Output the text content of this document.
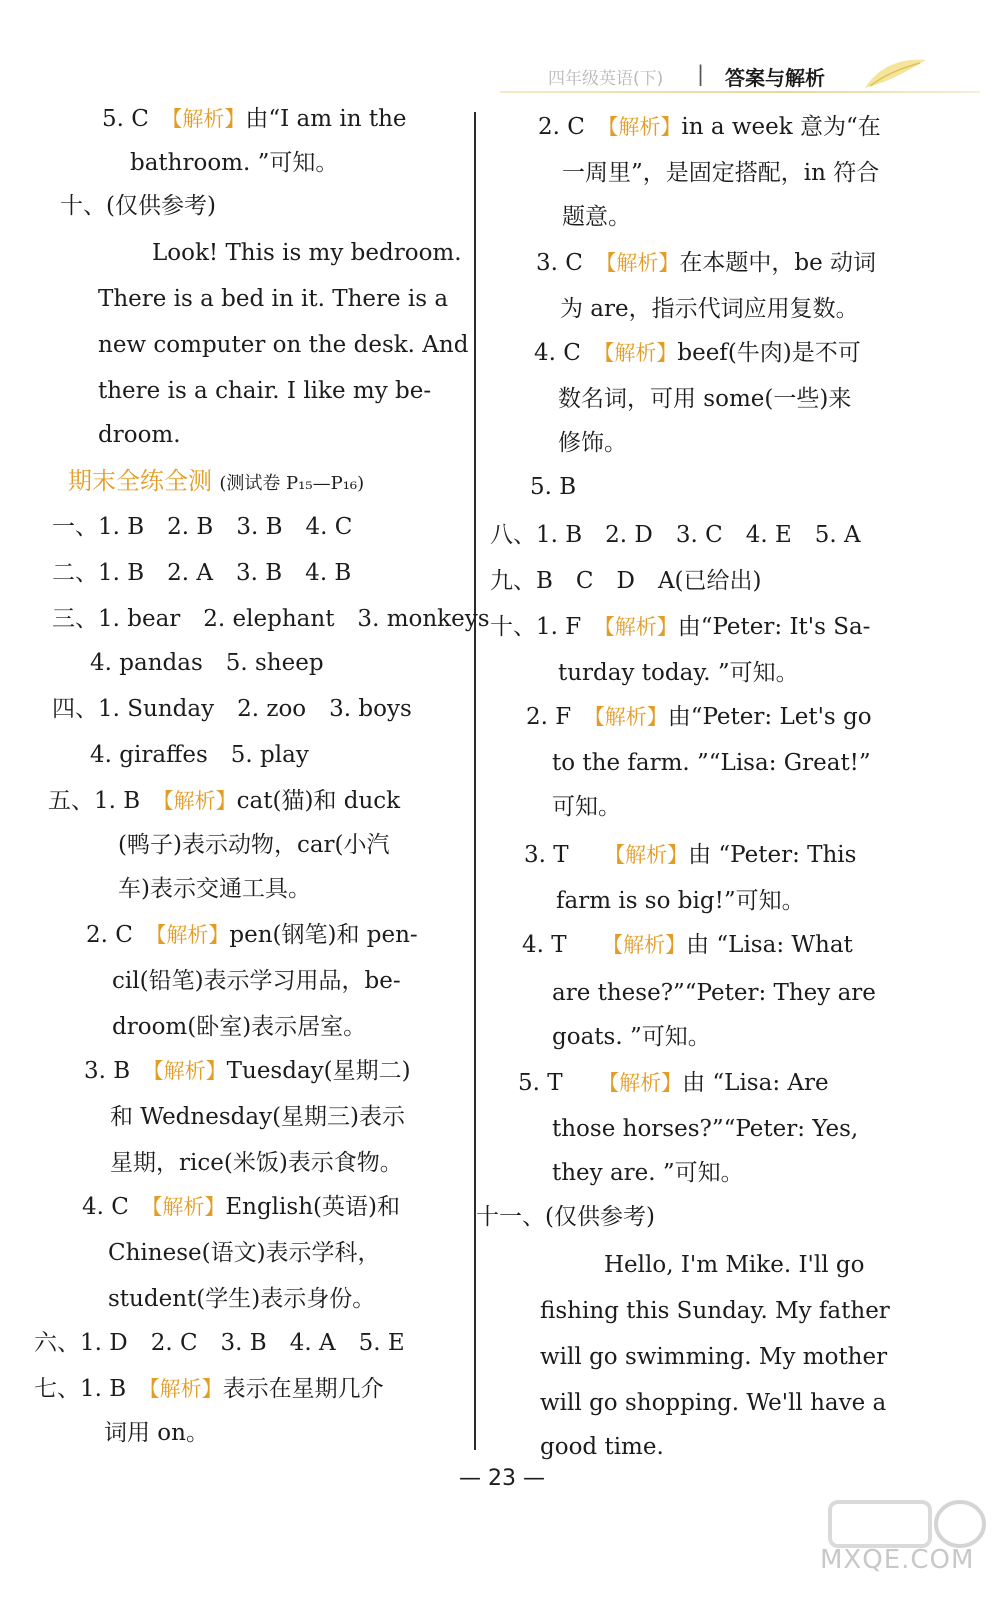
四年级英语(下) | 答案与解析
5. C　 【解析】由“I am in the
bathroom. ”可知。
十、(仅供参考)
Look! This is my bedroom.
There is a bed in it. There is a
new computer on the desk. And
there is a chair. I like my be-
droom.
期末全练全测 (测试卷 P₁₅—P₁₆)
一、1. B　2. B　3. B　4. C
二、1. B　2. A　3. B　4. B
三、1. bear　2. elephant　3. monkeys
4. pandas　5. sheep
四、1. Sunday　2. zoo　3. boys
4. giraffes　5. play
五、1. B　 【解析】cat(猫)和 duck
(鸭子)表示动物，car(小汽
车)表示交通工具。
2. C　 【解析】pen(钢笔)和 pen-
cil(铅笔)表示学习用品，be-
droom(卧室)表示居室。
3. B　 【解析】Tuesday(星期二)
和 Wednesday(星期三)表示
星期，rice(米饭)表示食物。
4. C　 【解析】English(英语)和
Chinese(语文)表示学科，
student(学生)表示身份。
六、1. D　2. C　3. B　4. A　5. E
七、1. B　 【解析】表示在星期几介
词用 on。
2. C　 【解析】in a week 意为“在
一周里”，是固定搭配，in 符合
题意。
3. C　 【解析】在本题中，be 动词
为 are，指示代词应用复数。
4. C　 【解析】beef(牛肉)是不可
数名词，可用 some(一些)来
修饰。
5. B
八、1. B　2. D　3. C　4. E　5. A
九、B　C　D　A(已给出)
十、1. F　 【解析】由“Peter: It's Sa-
turday today. ”可知。
2. F　 【解析】由“Peter: Let's go
to the farm. ”“Lisa: Great!”
可知。
3. T　　 【解析】由 “Peter: This
farm is so big!”可知。
4. T　　 【解析】由 “Lisa: What
are these?”“Peter: They are
goats. ”可知。
5. T　　 【解析】由 “Lisa: Are
those horses?”“Peter: Yes,
they are. ”可知。
十一、(仅供参考)
Hello, I'm Mike. I'll go
fishing this Sunday. My father
will go swimming. My mother
will go shopping. We'll have a
good time.
— 23 —
MXQE.COM
